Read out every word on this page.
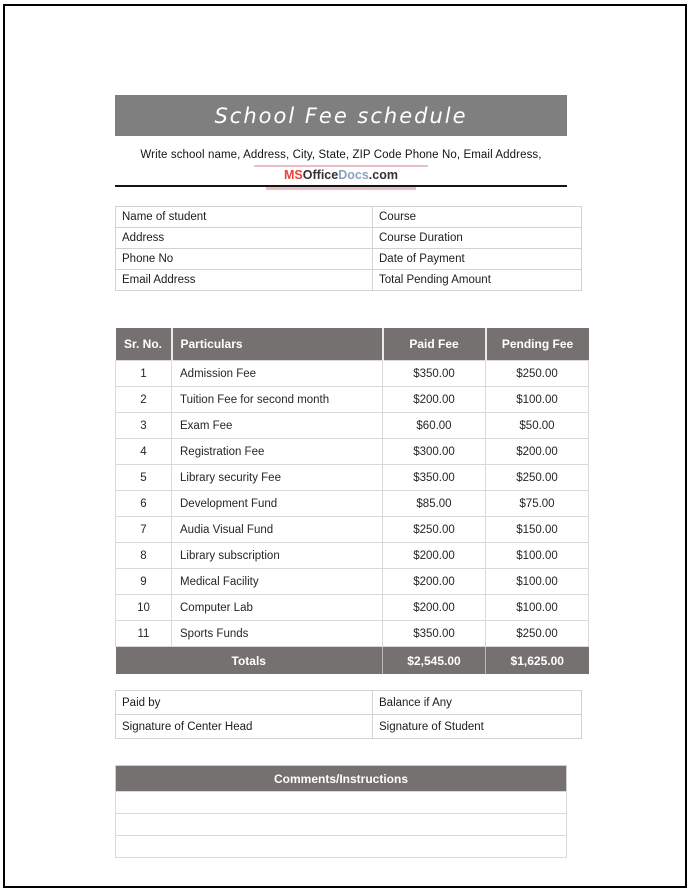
School Fee schedule
Write school name, Address, City, State, ZIP Code Phone No, Email Address,
MSOfficeDocs.com
Name of student	Course
Address	Course Duration
Phone No	Date of Payment
Email Address	Total Pending Amount
Sr. No.	Particulars	Paid Fee	Pending Fee
1	Admission Fee	$350.00	$250.00
2	Tuition Fee for second month	$200.00	$100.00
3	Exam Fee	$60.00	$50.00
4	Registration Fee	$300.00	$200.00
5	Library security Fee	$350.00	$250.00
6	Development Fund	$85.00	$75.00
7	Audia Visual Fund	$250.00	$150.00
8	Library subscription	$200.00	$100.00
9	Medical Facility	$200.00	$100.00
10	Computer Lab	$200.00	$100.00
11	Sports Funds	$350.00	$250.00
Totals		$2,545.00	$1,625.00
Paid by	Balance if Any
Signature of Center Head	Signature of Student
Comments/Instructions
